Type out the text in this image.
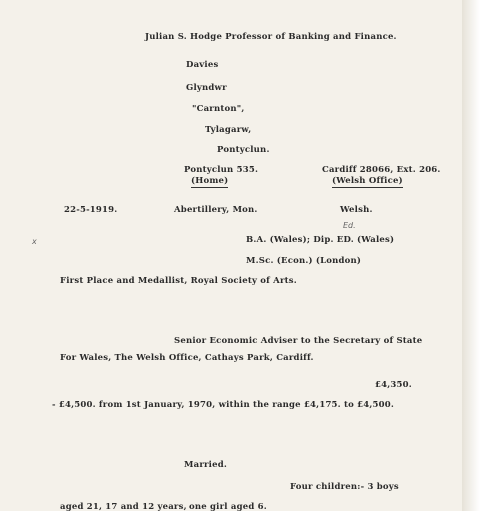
Julian S. Hodge Professor of Banking and Finance.
Davies
Glyndwr
"Carnton",
Tylagarw,
Pontyclun.
Pontyclun 535.
(Home)
Cardiff 28066, Ext. 206.
(Welsh Office)
22-5-1919.	Abertillery, Mon.	Welsh.
x
Ed.
B.A. (Wales); Dip. ED. (Wales)
M.Sc. (Econ.) (London)
First Place and Medallist, Royal Society of Arts.
Senior Economic Adviser to the Secretary of State
For Wales, The Welsh Office, Cathays Park, Cardiff.
£4,350.
- £4,500. from 1st January, 1970, within the range £4,175. to £4,500.
Married.
Four children:- 3 boys
aged 21, 17 and 12 years, one girl aged 6.
